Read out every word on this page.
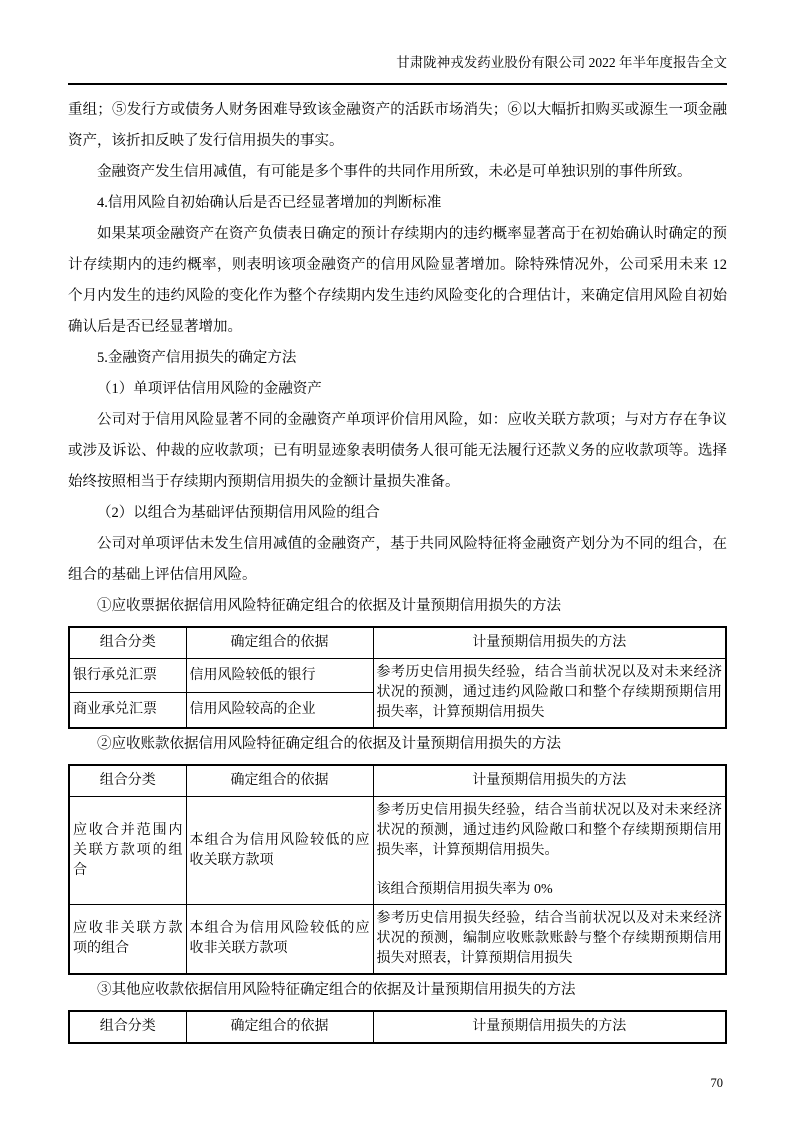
甘肃陇神戎发药业股份有限公司 2022 年半年度报告全文

重组；⑤发行方或债务人财务困难导致该金融资产的活跃市场消失；⑥以大幅折扣购买或源生一项金融资产，该折扣反映了发行信用损失的事实。

金融资产发生信用减值，有可能是多个事件的共同作用所致，未必是可单独识别的事件所致。

4.信用风险自初始确认后是否已经显著增加的判断标准

如果某项金融资产在资产负债表日确定的预计存续期内的违约概率显著高于在初始确认时确定的预计存续期内的违约概率，则表明该项金融资产的信用风险显著增加。除特殊情况外，公司采用未来 12 个月内发生的违约风险的变化作为整个存续期内发生违约风险变化的合理估计，来确定信用风险自初始确认后是否已经显著增加。

5.金融资产信用损失的确定方法

（1）单项评估信用风险的金融资产

公司对于信用风险显著不同的金融资产单项评价信用风险，如：应收关联方款项；与对方存在争议或涉及诉讼、仲裁的应收款项；已有明显迹象表明债务人很可能无法履行还款义务的应收款项等。选择始终按照相当于存续期内预期信用损失的金额计量损失准备。

（2）以组合为基础评估预期信用风险的组合

公司对单项评估未发生信用减值的金融资产，基于共同风险特征将金融资产划分为不同的组合，在组合的基础上评估信用风险。

①应收票据依据信用风险特征确定组合的依据及计量预期信用损失的方法

组合分类	确定组合的依据	计量预期信用损失的方法
银行承兑汇票	信用风险较低的银行	参考历史信用损失经验，结合当前状况以及对未来经济状况的预测，通过违约风险敞口和整个存续期预期信用损失率，计算预期信用损失
商业承兑汇票	信用风险较高的企业	

②应收账款依据信用风险特征确定组合的依据及计量预期信用损失的方法

组合分类	确定组合的依据	计量预期信用损失的方法
应收合并范围内关联方款项的组合	本组合为信用风险较低的应收关联方款项	参考历史信用损失经验，结合当前状况以及对未来经济状况的预测，通过违约风险敞口和整个存续期预期信用损失率，计算预期信用损失。
该组合预期信用损失率为 0%

应收非关联方款项的组合	本组合为信用风险较低的应收非关联方款项	参考历史信用损失经验，结合当前状况以及对未来经济状况的预测，编制应收账款账龄与整个存续期预期信用损失对照表，计算预期信用损失

③其他应收款依据信用风险特征确定组合的依据及计量预期信用损失的方法

组合分类	确定组合的依据	计量预期信用损失的方法
70
